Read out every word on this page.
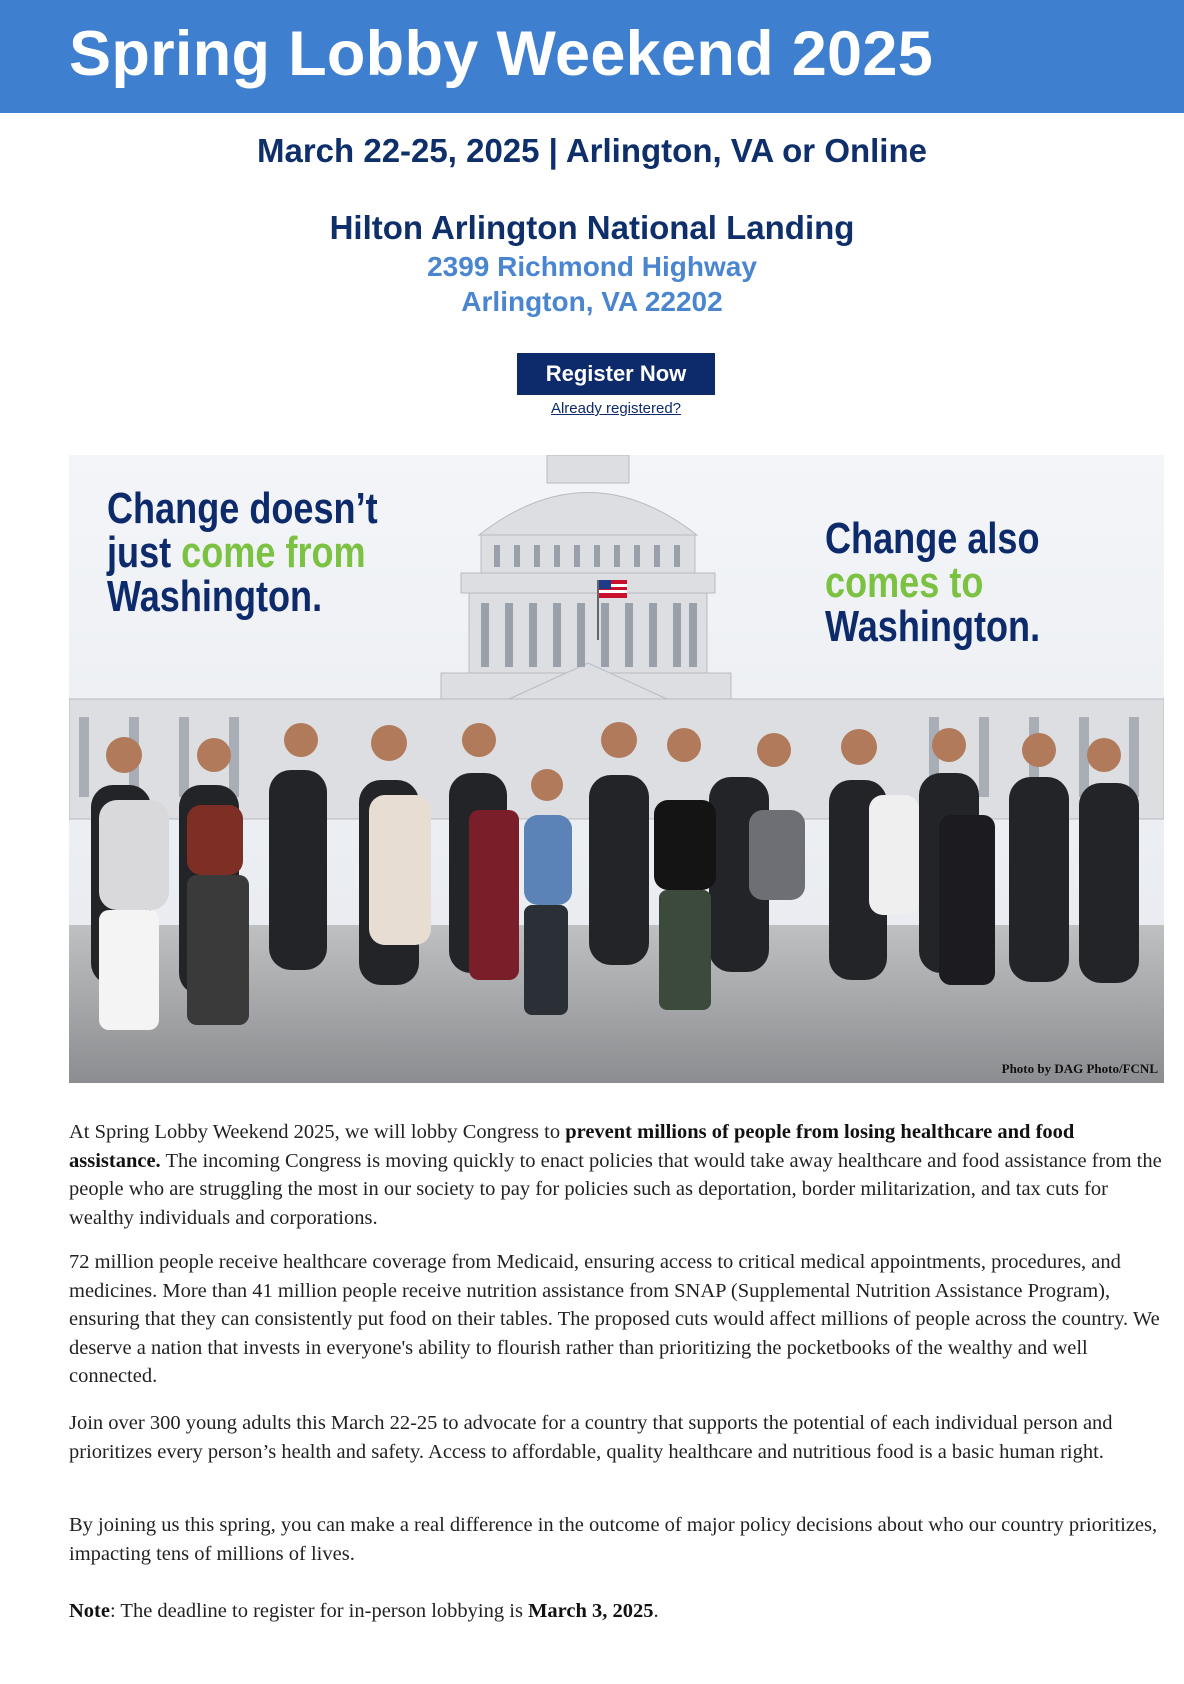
Spring Lobby Weekend 2025
March 22-25, 2025 | Arlington, VA or Online
Hilton Arlington National Landing
2399 Richmond Highway
Arlington, VA 22202
Register Now
Already registered?
Change doesn’t
just come from
Washington.
Change also
comes to
Washington.
Photo by DAG Photo/FCNL

At Spring Lobby Weekend 2025, we will lobby Congress to prevent millions of people from losing healthcare and food assistance. The incoming Congress is moving quickly to enact policies that would take away healthcare and food assistance from the people who are struggling the most in our society to pay for policies such as deportation, border militarization, and tax cuts for wealthy individuals and corporations.

72 million people receive healthcare coverage from Medicaid, ensuring access to critical medical appointments, procedures, and medicines. More than 41 million people receive nutrition assistance from SNAP (Supplemental Nutrition Assistance Program), ensuring that they can consistently put food on their tables. The proposed cuts would affect millions of people across the country. We deserve a nation that invests in everyone's ability to flourish rather than prioritizing the pocketbooks of the wealthy and well connected.

Join over 300 young adults this March 22-25 to advocate for a country that supports the potential of each individual person and prioritizes every person’s health and safety. Access to affordable, quality healthcare and nutritious food is a basic human right.

By joining us this spring, you can make a real difference in the outcome of major policy decisions about who our country prioritizes, impacting tens of millions of lives.

Note: The deadline to register for in-person lobbying is March 3, 2025.
